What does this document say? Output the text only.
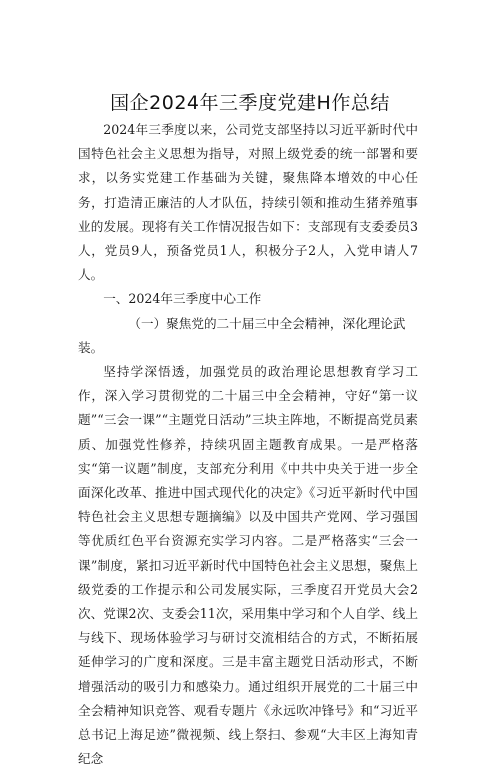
国企2024年三季度党建H作总结

2024年三季度以来，公司党支部坚持以习近平新时代中国特色社会主义思想为指导，对照上级党委的统一部署和要求，以务实党建工作基础为关键，聚焦降本增效的中心任务，打造清正廉洁的人才队伍，持续引领和推动生猪养殖事业的发展。现将有关工作情况报告如下：支部现有支委委员3人，党员9人，预备党员1人，积极分子2人，入党申请人7人。

一、2024年三季度中心工作

（一）聚焦党的二十届三中全会精神，深化理论武装。

坚持学深悟透，加强党员的政治理论思想教育学习工作，深入学习贯彻党的二十届三中全会精神，守好“第一议题”“三会一课”“主题党日活动”三块主阵地，不断提高党员素质、加强党性修养，持续巩固主题教育成果。一是严格落实“第一议题”制度，支部充分利用《中共中央关于进一步全面深化改革、推进中国式现代化的决定》《习近平新时代中国特色社会主义思想专题摘编》以及中国共产党网、学习强国等优质红色平台资源充实学习内容。二是严格落实“三会一课”制度，紧扣习近平新时代中国特色社会主义思想，聚焦上级党委的工作提示和公司发展实际，三季度召开党员大会2次、党课2次、支委会11次，采用集中学习和个人自学、线上与线下、现场体验学习与研讨交流相结合的方式，不断拓展延伸学习的广度和深度。三是丰富主题党日活动形式，不断增强活动的吸引力和感染力。通过组织开展党的二十届三中全会精神知识竞答、观看专题片《永远吹冲锋号》和“习近平总书记上海足迹”微视频、线上祭扫、参观“大丰区上海知青纪念
